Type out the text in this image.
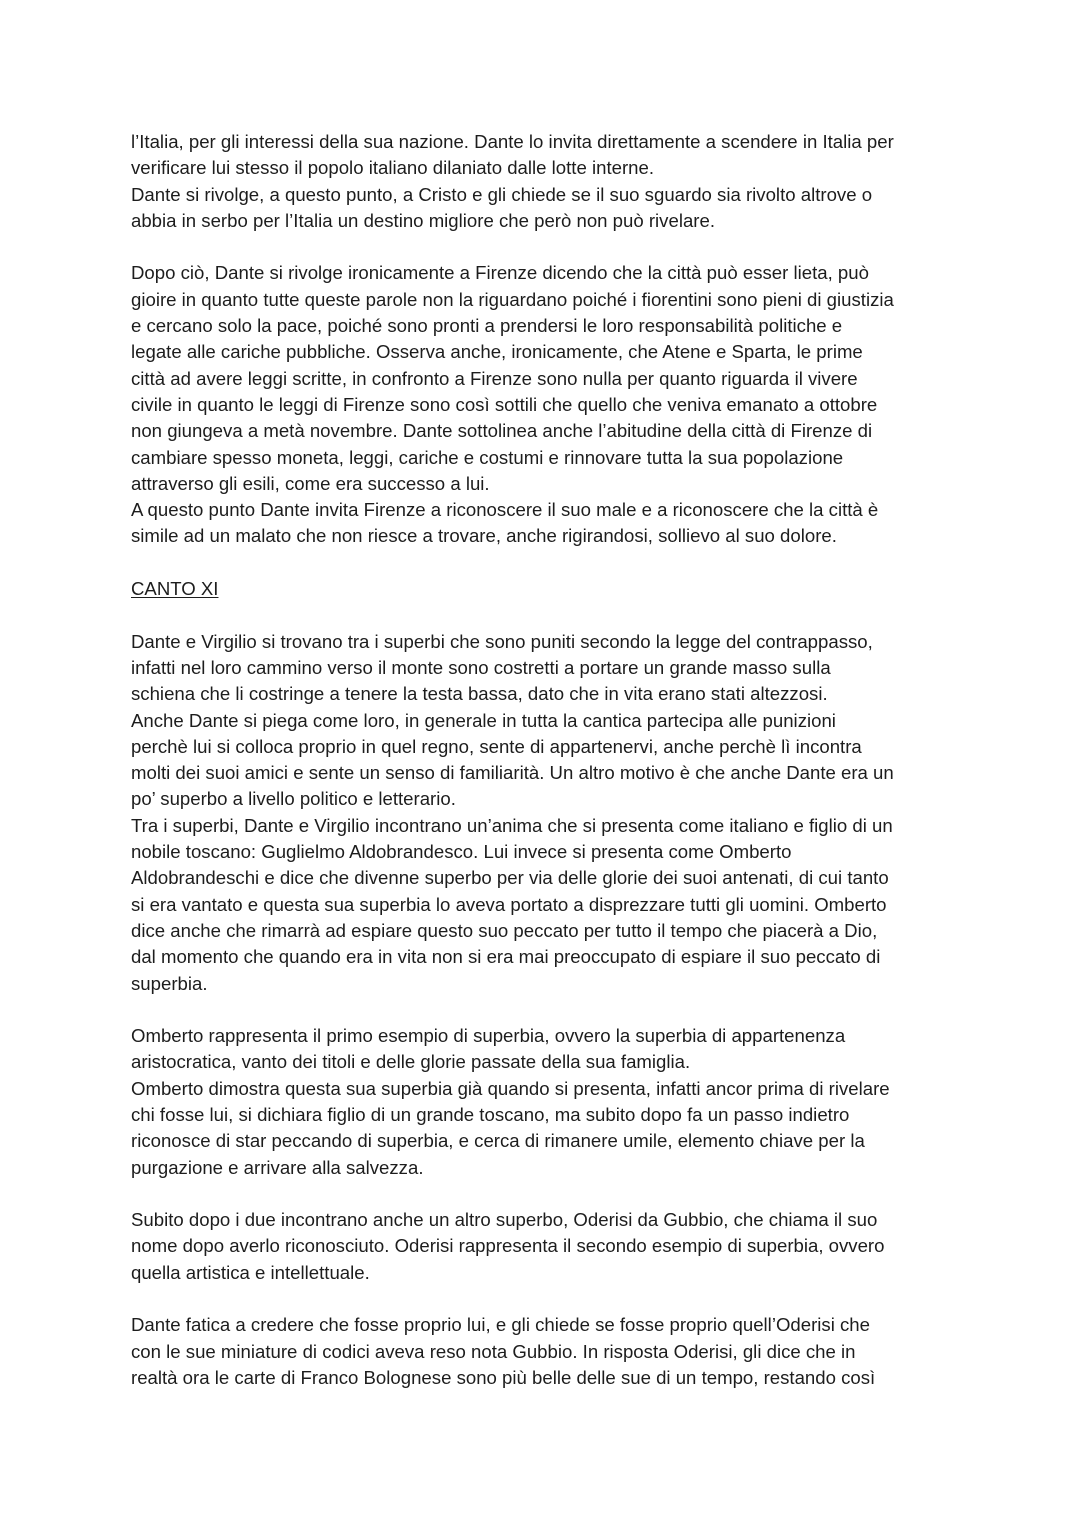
l’Italia, per gli interessi della sua nazione. Dante lo invita direttamente a scendere in Italia per
verificare lui stesso il popolo italiano dilaniato dalle lotte interne.
Dante si rivolge, a questo punto, a Cristo e gli chiede se il suo sguardo sia rivolto altrove o
abbia in serbo per l’Italia un destino migliore che però non può rivelare.

Dopo ciò, Dante si rivolge ironicamente a Firenze dicendo che la città può esser lieta, può
gioire in quanto tutte queste parole non la riguardano poiché i fiorentini sono pieni di giustizia
e cercano solo la pace, poiché sono pronti a prendersi le loro responsabilità politiche e
legate alle cariche pubbliche. Osserva anche, ironicamente, che Atene e Sparta, le prime
città ad avere leggi scritte, in confronto a Firenze sono nulla per quanto riguarda il vivere
civile in quanto le leggi di Firenze sono così sottili che quello che veniva emanato a ottobre
non giungeva a metà novembre. Dante sottolinea anche l’abitudine della città di Firenze di
cambiare spesso moneta, leggi, cariche e costumi e rinnovare tutta la sua popolazione
attraverso gli esili, come era successo a lui.
A questo punto Dante invita Firenze a riconoscere il suo male e a riconoscere che la città è
simile ad un malato che non riesce a trovare, anche rigirandosi, sollievo al suo dolore.

CANTO XI

Dante e Virgilio si trovano tra i superbi che sono puniti secondo la legge del contrappasso,
infatti nel loro cammino verso il monte sono costretti a portare un grande masso sulla
schiena che li costringe a tenere la testa bassa, dato che in vita erano stati altezzosi.
Anche Dante si piega come loro, in generale in tutta la cantica partecipa alle punizioni
perchè lui si colloca proprio in quel regno, sente di appartenervi, anche perchè lì incontra
molti dei suoi amici e sente un senso di familiarità. Un altro motivo è che anche Dante era un
po’ superbo a livello politico e letterario.
Tra i superbi, Dante e Virgilio incontrano un’anima che si presenta come italiano e figlio di un
nobile toscano: Guglielmo Aldobrandesco. Lui invece si presenta come Omberto
Aldobrandeschi e dice che divenne superbo per via delle glorie dei suoi antenati, di cui tanto
si era vantato e questa sua superbia lo aveva portato a disprezzare tutti gli uomini. Omberto
dice anche che rimarrà ad espiare questo suo peccato per tutto il tempo che piacerà a Dio,
dal momento che quando era in vita non si era mai preoccupato di espiare il suo peccato di
superbia.

Omberto rappresenta il primo esempio di superbia, ovvero la superbia di appartenenza
aristocratica, vanto dei titoli e delle glorie passate della sua famiglia.
Omberto dimostra questa sua superbia già quando si presenta, infatti ancor prima di rivelare
chi fosse lui, si dichiara figlio di un grande toscano, ma subito dopo fa un passo indietro
riconosce di star peccando di superbia, e cerca di rimanere umile, elemento chiave per la
purgazione e arrivare alla salvezza.

Subito dopo i due incontrano anche un altro superbo, Oderisi da Gubbio, che chiama il suo
nome dopo averlo riconosciuto. Oderisi rappresenta il secondo esempio di superbia, ovvero
quella artistica e intellettuale.

Dante fatica a credere che fosse proprio lui, e gli chiede se fosse proprio quell’Oderisi che
con le sue miniature di codici aveva reso nota Gubbio. In risposta Oderisi, gli dice che in
realtà ora le carte di Franco Bolognese sono più belle delle sue di un tempo, restando così
